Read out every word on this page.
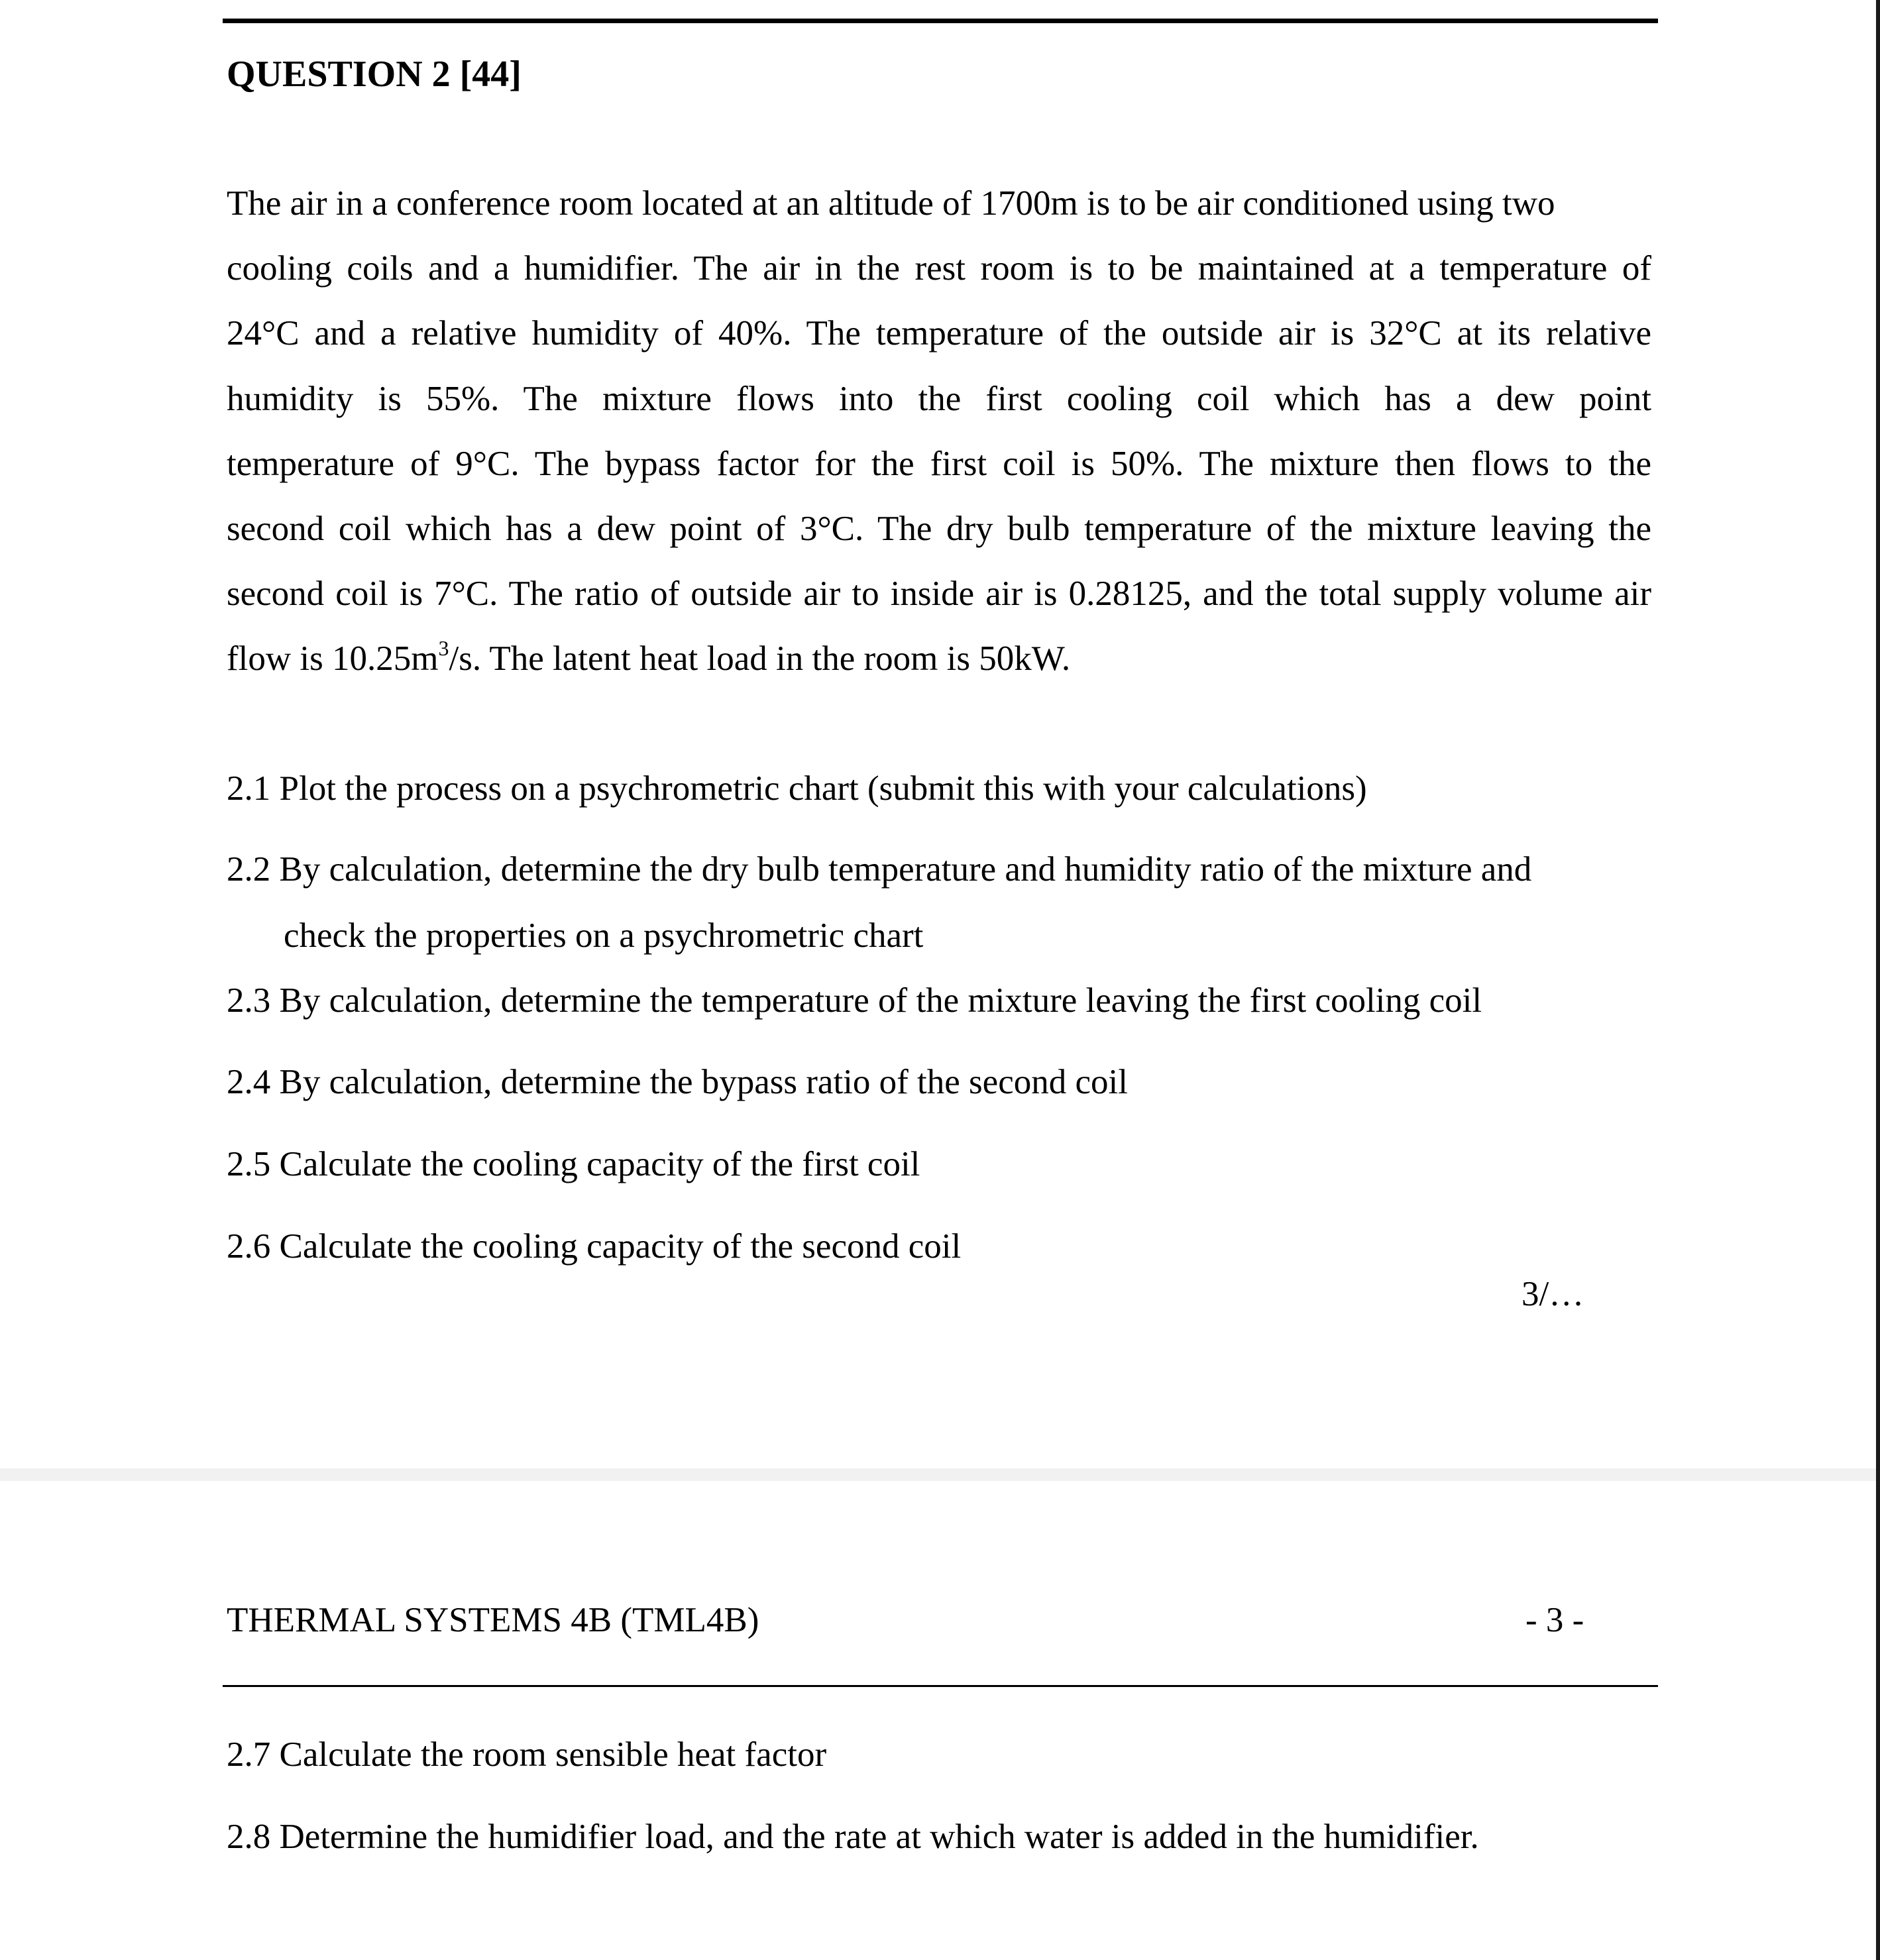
QUESTION 2 [44]
The air in a conference room located at an altitude of 1700m is to be air conditioned using two
cooling coils and a humidifier. The air in the rest room is to be maintained at a temperature of
24°C and a relative humidity of 40%. The temperature of the outside air is 32°C at its relative
humidity is 55%. The mixture flows into the first cooling coil which has a dew point
temperature of 9°C. The bypass factor for the first coil is 50%. The mixture then flows to the
second coil which has a dew point of 3°C. The dry bulb temperature of the mixture leaving the
second coil is 7°C. The ratio of outside air to inside air is 0.28125, and the total supply volume air
flow is $10.25m^3/s$. The latent heat load in the room is 50kW.
2.1 Plot the process on a psychrometric chart (submit this with your calculations)
2.2 By calculation, determine the dry bulb temperature and humidity ratio of the mixture and
check the properties on a psychrometric chart
2.3 By calculation, determine the temperature of the mixture leaving the first cooling coil
2.4 By calculation, determine the bypass ratio of the second coil
2.5 Calculate the cooling capacity of the first coil
2.6 Calculate the cooling capacity of the second coil
3/…
THERMAL SYSTEMS 4B (TML4B)	- 3 -
2.7 Calculate the room sensible heat factor
2.8 Determine the humidifier load, and the rate at which water is added in the humidifier.
